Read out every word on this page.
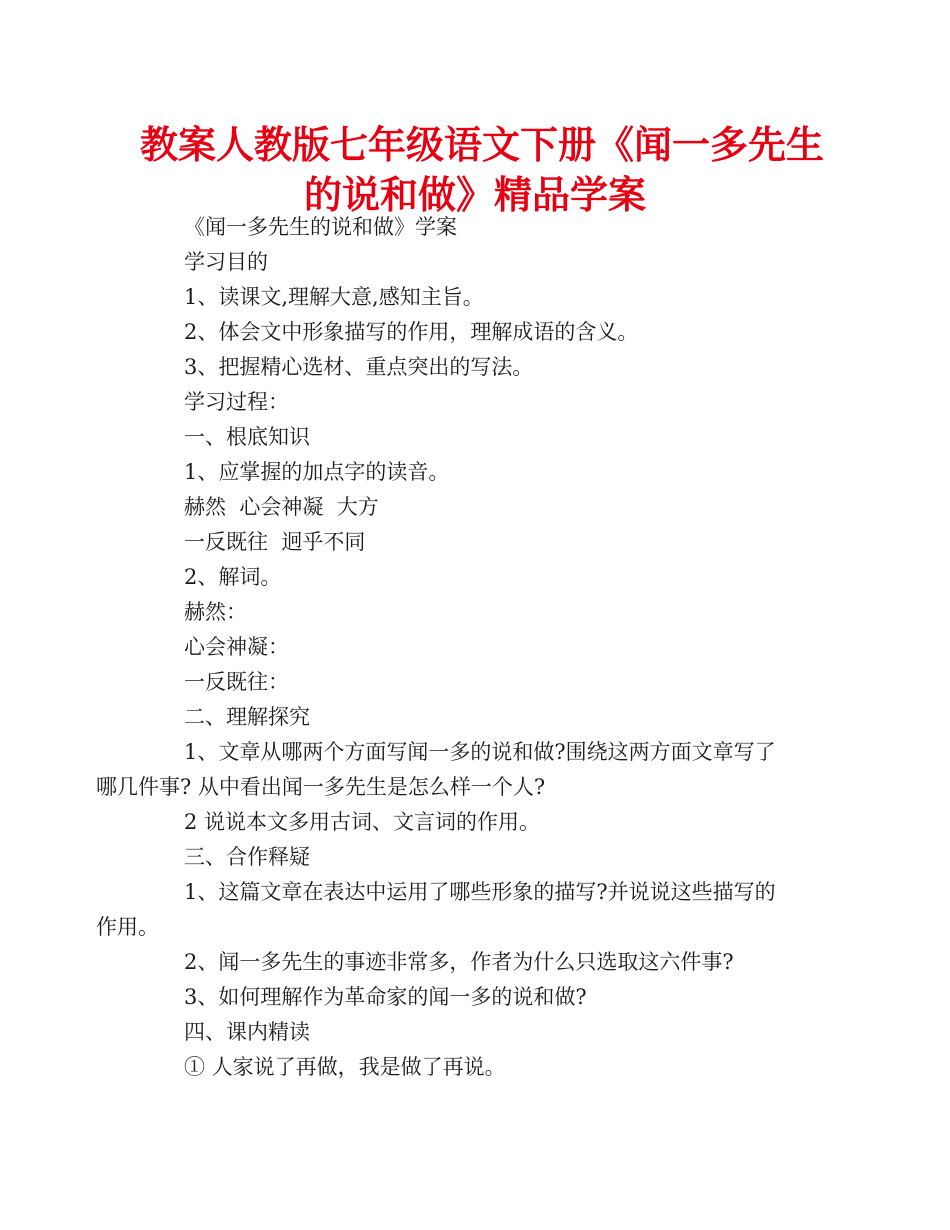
教案人教版七年级语文下册《闻一多先生
的说和做》精品学案

《闻一多先生的说和做》学案

学习目的

1、读课文,理解大意,感知主旨。

2、体会文中形象描写的作用，理解成语的含义。

3、把握精心选材、重点突出的写法。

学习过程：

一、根底知识

1、应掌握的加点字的读音。

赫然  心会神凝  大方

一反既往  迥乎不同

2、解词。

赫然：

心会神凝：

一反既往：

二、理解探究

1、文章从哪两个方面写闻一多的说和做?围绕这两方面文章写了
哪几件事? 从中看出闻一多先生是怎么样一个人?

2 说说本文多用古词、文言词的作用。

三、合作释疑

1、这篇文章在表达中运用了哪些形象的描写?并说说这些描写的
作用。

2、闻一多先生的事迹非常多，作者为什么只选取这六件事?

3、如何理解作为革命家的闻一多的说和做?

四、课内精读

① 人家说了再做，我是做了再说。
